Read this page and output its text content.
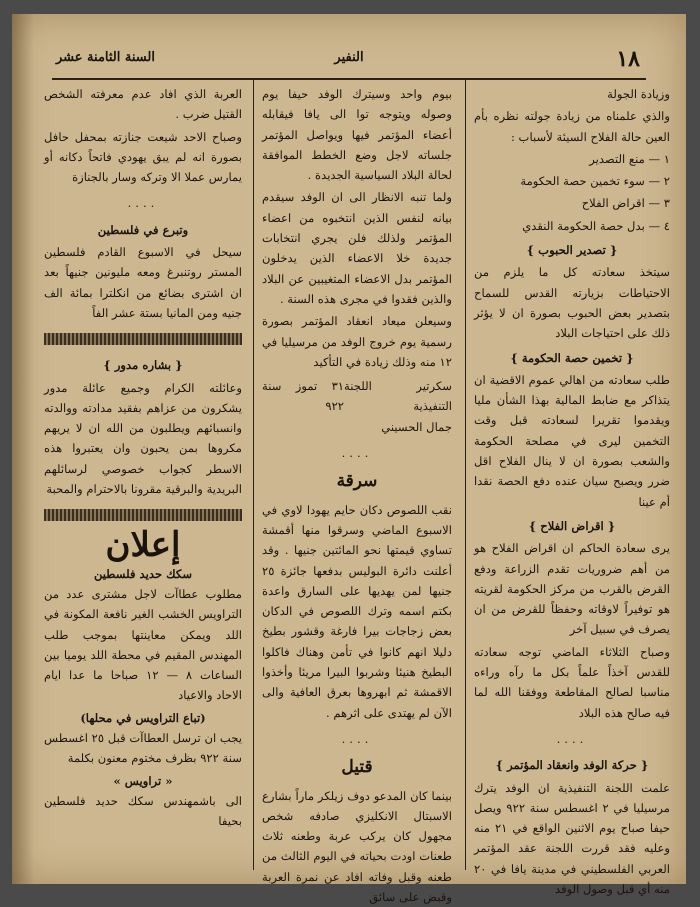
١٨
النفير
السنة الثامنة عشر

وزيادة الجولة

والذي علمناه من زيادة جولته نظره بأم العين حالة الفلاح السيئة لأسباب :

١ — منع التصدير

٢ — سوء تخمين حصة الحكومة

٣ — اقراض الفلاح

٤ — بدل حصة الحكومة النقدي

{ تصدير الحبوب }

سيتخذ سعادته كل ما يلزم من الاحتياطات بزيارته القدس للسماح بتصدير بعض الحبوب بصورة ان لا يؤثر ذلك على احتياجات البلاد

{ تخمين حصة الحكومة }

طلب سعادته من اهالي عموم الاقضية ان يتذاكر مع ضابط المالية بهذا الشأن مليا ويقدموا تقريرا لسعادته قبل وقت التخمين ليرى في مصلحة الحكومة والشعب بصورة ان لا ينال الفلاح اقل ضرر ويصبح سيان عنده دفع الحصة نقدا أم عينا

{ اقراض الفلاح }

يرى سعادة الحاكم ان اقراض الفلاح هو من أهم ضروريات تقدم الزراعة ودفع القرض بالقرب من مركز الحكومة لقريته هو توفيراً لاوقاته وحفظاً للقرض من ان يصرف في سبيل آخر

وصباح الثلاثاء الماضي توجه سعادته للقدس آخذاً علماً بكل ما رآه وراءه مناسبا لصالح المقاطعة ووفقنا الله لما فيه صالح هذه البلاد

....
{ حركة الوفد وانعقاد المؤتمر }

علمت اللجنة التنفيذية ان الوفد يترك مرسيليا في ٢ اغسطس سنة ٩٢٢ ويصل حيفا صباح يوم الاثنين الواقع في ٢١ منه وعليه فقد قررت اللجنة عقد المؤتمر العربي الفلسطيني في مدينة يافا في ٢٠ منه أي قبل وصول الوفد

بيوم واحد وسيترك الوفد حيفا يوم وصوله ويتوجه توا الى يافا فيقابله أعضاء المؤتمر فيها ويواصل المؤتمر جلساته لاجل وضع الخطط الموافقة لحالة البلاد السياسية الجديدة .

ولما تنبه الانظار الى ان الوفد سيقدم بيانه لنفس الذين انتخبوه من اعضاء المؤتمر ولذلك فلن يجري انتخابات جديدة خلا الاعضاء الذين يدخلون المؤتمر بدل الاعضاء المتغيبين عن البلاد والذين فقدوا في مجرى هذه السنة .

وسيعلن ميعاد انعقاد المؤتمر بصورة رسمية يوم خروج الوفد من مرسيليا في ١٢ منه وذلك زيادة في التأكيد

سكرتير اللجنة التنفيذية
٣١ تموز سنة ٩٢٢
جمال الحسيني
....
سرقة

نقب اللصوص دكان حايم يهودا لاوي في الاسبوع الماضي وسرقوا منها أقمشة تساوي قيمتها نحو المائتين جنيها . وقد أعلنت دائرة البوليس بدفعها جائزة ٢٥ جنيها لمن يهديها على السارق واعدة بكتم اسمه وترك اللصوص في الدكان بعض زجاجات بيرا فارغة وقشور بطيخ دليلا انهم كانوا في تأمن وهناك فاكلوا البطيخ هنيئا وشربوا البيرا مريئا وأخذوا الاقمشة ثم ابهروها بعرق العافية والى الآن لم يهتدى على اثرهم .

....
قتيل

بينما كان المدعو دوف زيلكر ماراً بشارع الاسبتال الانكليزي صادفه شخص مجهول كان يركب عربة وطعنه ثلاث طعنات اودت بحياته في اليوم الثالث من طعنه وقبل وفاته افاد عن نمرة العربة وقبض على سائق

العربة الذي افاد عدم معرفته الشخص القتيل ضرب .

وصباح الاحد شيعت جنازته بمحفل حافل بصورة انه لم يبق يهودي فاتحاً دكانه أو يمارس عملا الا وتركه وسار بالجنازة

....
وتبرع في فلسطين

سيحل في الاسبوع القادم فلسطين المستر روتنبرغ ومعه مليونين جنيهاً بعد ان اشترى بضائع من انكلترا بمائة الف جنيه ومن المانيا بستة عشر الفاً

{ بشاره مدور }

وعائلته الكرام وجميع عائلة مدور يشكرون من عزاهم بفقيد مدادته ووالدته وانسبائهم ويطلبون من الله ان لا يريهم مكروها بمن يحبون وان يعتبروا هذه الاسطر كجواب خصوصي لرسائلهم البريدية والبرقية مقرونا بالاحترام والمحبة

إعلان
سكك حديد فلسطين

مطلوب عطاآت لاجل مشترى عدد من التراويس الخشب الغير نافعة المكونة في اللد ويمكن معاينتها بموجب طلب المهندس المقيم في محطة اللد يوميا بين الساعات ٨ — ١٢ صباحا ما عدا ايام الاحاد والاعياد

(تباع التراويس في محلها)

يجب ان ترسل العطاآت قبل ٢٥ اغسطس سنة ٩٢٢ بظرف مختوم معنون بكلمة

« تراويس »

الى باشمهندس سكك حديد فلسطين بحيفا
